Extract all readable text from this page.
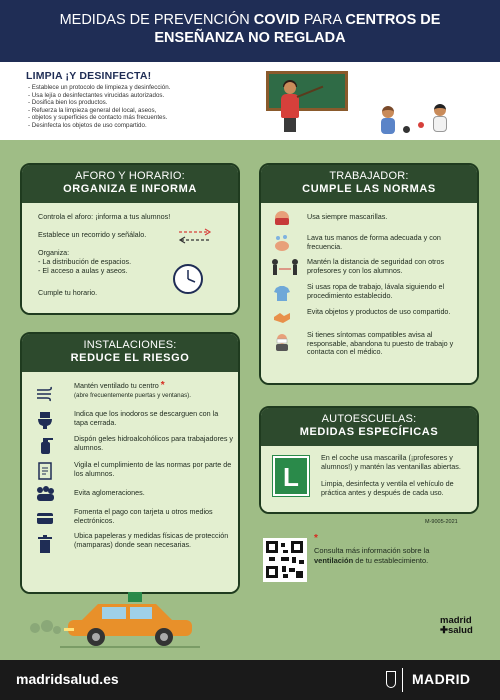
MEDIDAS DE PREVENCIÓN COVID PARA CENTROS DE
ENSEÑANZA NO REGLADA
LIMPIA ¡Y DESINFECTA!
- Establece un protocolo de limpieza y desinfección.
- Usa lejía o desinfectantes virucidas autorizados.
- Dosifica bien los productos.
- Refuerza la limpieza general del local, aseos,
- objetos y superficies de contacto más frecuentes.
- Desinfecta los objetos de uso compartido.
AFORO Y HORARIO:
ORGANIZA E INFORMA
Controla el aforo: ¡informa a tus alumnos!
Establece un recorrido y señálalo.
Organiza:
- La distribución de espacios.
- El acceso a aulas y aseos.
Cumple tu horario.
TRABAJADOR:
CUMPLE LAS NORMAS
Usa siempre mascarillas.
Lava tus manos de forma adecuada y con frecuencia.
Mantén la distancia de seguridad con otros profesores y con los alumnos.
Si usas ropa de trabajo, lávala siguiendo el procedimiento establecido.
Evita objetos y productos de uso compartido.
Si tienes síntomas compatibles avisa al responsable, abandona tu puesto de trabajo y contacta con el médico.
INSTALACIONES:
REDUCE EL RIESGO
Mantén ventilado tu centro *
(abre frecuentemente puertas y ventanas).
Indica que los inodoros se descarguen con la tapa cerrada.
Dispón geles hidroalcohólicos para trabajadores y alumnos.
Vigila el cumplimiento de las normas por parte de los alumnos.
Evita aglomeraciones.
Fomenta el pago con tarjeta u otros medios electrónicos.
Ubica papeleras y medidas físicas de protección (mamparas) donde sean necesarias.
AUTOESCUELAS:
MEDIDAS ESPECÍFICAS
L
En el coche usa mascarilla (¡profesores y alumnos!) y mantén las ventanillas abiertas.
Limpia, desinfecta y ventila el vehículo de práctica antes y después de cada uso.
M-9005-2021
*
Consulta más información sobre la ventilación de tu establecimiento.
madrid
✚salud
madridsalud.es	MADRID
